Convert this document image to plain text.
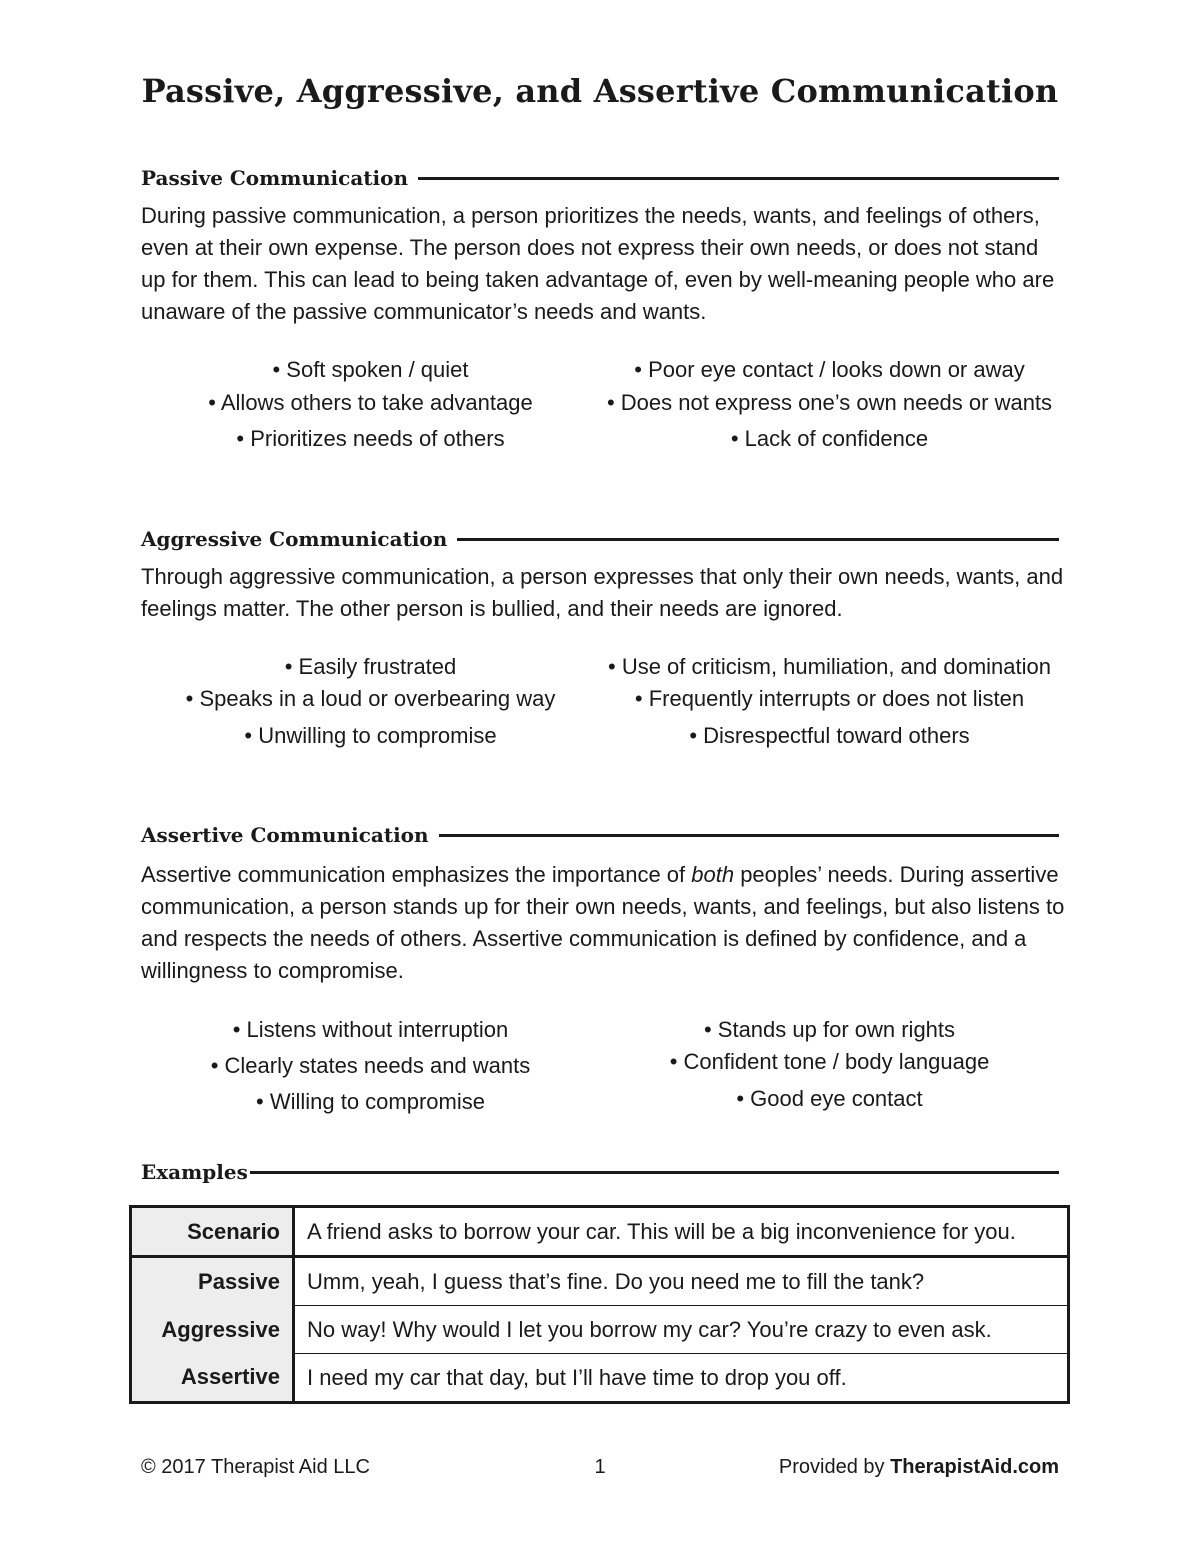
Passive, Aggressive, and Assertive Communication
Passive Communication

During passive communication, a person prioritizes the needs, wants, and feelings of others, even at their own expense. The person does not express their own needs, or does not stand up for them. This can lead to being taken advantage of, even by well-meaning people who are unaware of the passive communicator’s needs and wants.

• Soft spoken / quiet
• Allows others to take advantage
• Prioritizes needs of others
• Poor eye contact / looks down or away
• Does not express one’s own needs or wants
• Lack of confidence
Aggressive Communication

Through aggressive communication, a person expresses that only their own needs, wants, and feelings matter. The other person is bullied, and their needs are ignored.

• Easily frustrated
• Speaks in a loud or overbearing way
• Unwilling to compromise
• Use of criticism, humiliation, and domination
• Frequently interrupts or does not listen
• Disrespectful toward others
Assertive Communication

Assertive communication emphasizes the importance of both peoples’ needs. During assertive communication, a person stands up for their own needs, wants, and feelings, but also listens to and respects the needs of others. Assertive communication is defined by confidence, and a willingness to compromise.

• Listens without interruption
• Clearly states needs and wants
• Willing to compromise
• Stands up for own rights
• Confident tone / body language
• Good eye contact
Examples
Scenario	A friend asks to borrow your car. This will be a big inconvenience for you.
Passive	Umm, yeah, I guess that’s fine. Do you need me to fill the tank?
Aggressive	No way! Why would I let you borrow my car? You’re crazy to even ask.
Assertive	I need my car that day, but I’ll have time to drop you off.
© 2017 Therapist Aid LLC	1	Provided by TherapistAid.com
